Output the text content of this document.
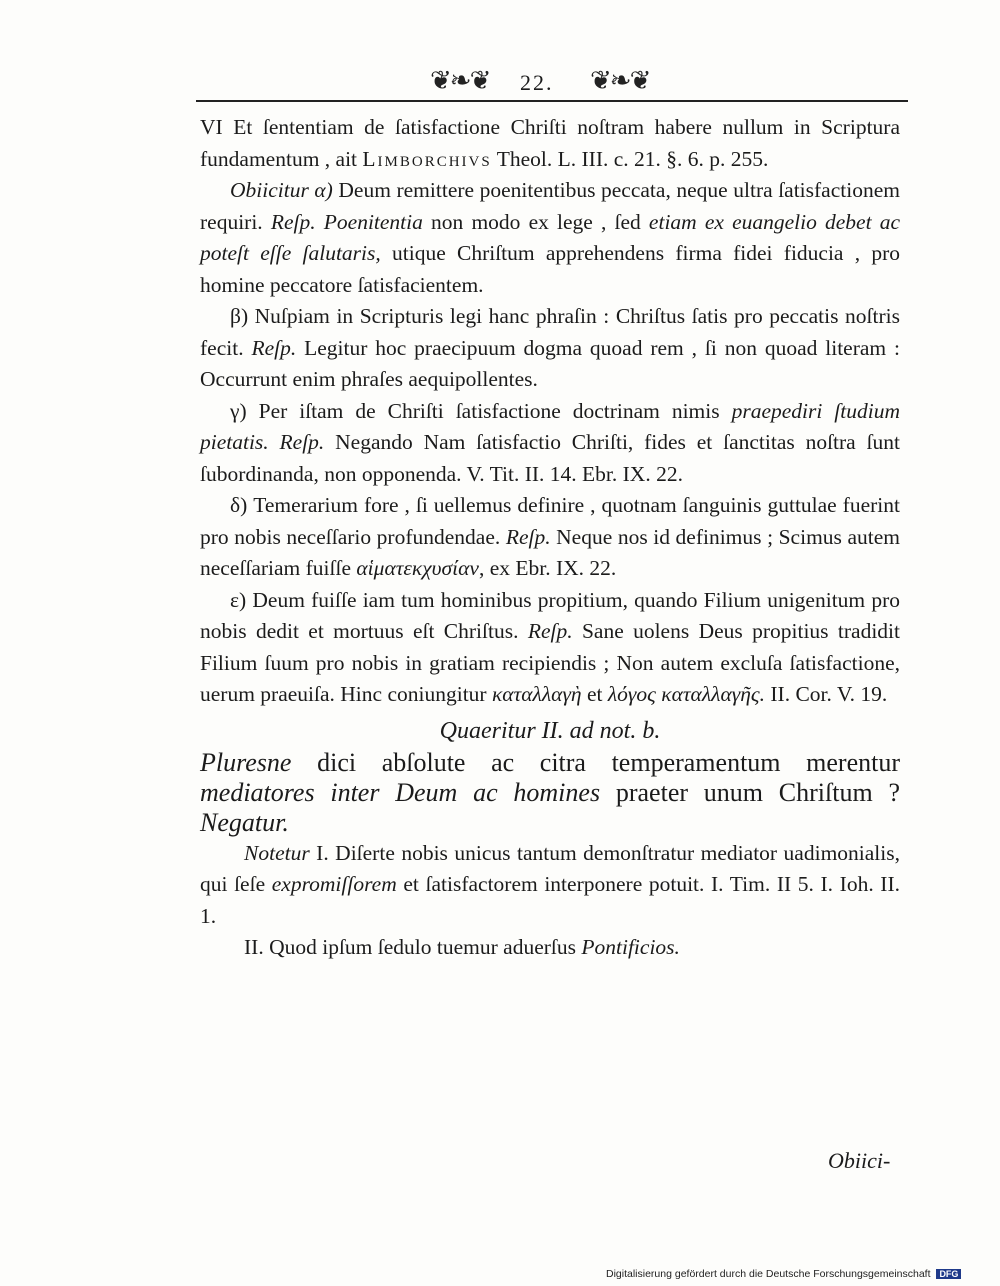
❦❧❦ 22. ❦❧❦

VI Et ſententiam de ſatisfactione Chriſti noſtram habere nullum in Scriptura fundamentum , ait Limborchivs Theol. L. III. c. 21. §. 6. p. 255.

Obiicitur α) Deum remittere poenitentibus peccata, neque ultra ſatisfactionem requiri. Reſp. Poenitentia non modo ex lege , ſed etiam ex euangelio debet ac poteſt eſſe ſalutaris, utique Chriſtum apprehendens firma fidei fiducia , pro homine peccatore ſatisfacientem.

β) Nuſpiam in Scripturis legi hanc phraſin : Chriſtus ſatis pro peccatis noſtris fecit. Reſp. Legitur hoc praecipuum dogma quoad rem , ſi non quoad literam : Occurrunt enim phraſes aequipollentes.

γ) Per iſtam de Chriſti ſatisfactione doctrinam nimis praepediri ſtudium pietatis. Reſp. Negando Nam ſatisfactio Chriſti, fides et ſanctitas noſtra ſunt ſubordinanda, non opponenda. V. Tit. II. 14. Ebr. IX. 22.

δ) Temerarium fore , ſi uellemus definire , quotnam ſanguinis guttulae fuerint pro nobis neceſſario profundendae. Reſp. Neque nos id definimus ; Scimus autem neceſſariam fuiſſe αἱματεκχυσίαν, ex Ebr. IX. 22.

ε) Deum fuiſſe iam tum hominibus propitium, quando Filium unigenitum pro nobis dedit et mortuus eſt Chriſtus. Reſp. Sane uolens Deus propitius tradidit Filium ſuum pro nobis in gratiam recipiendis ; Non autem excluſa ſatisfactione, uerum praeuiſa. Hinc coniungitur καταλλαγὴ et λόγος καταλλαγῆς. II. Cor. V. 19.

Quaeritur II. ad not. b.

Pluresne dici abſolute ac citra temperamentum merentur mediatores inter Deum ac homines praeter unum Chriſtum ? Negatur.

Notetur I. Diſerte nobis unicus tantum demonſtratur mediator uadimonialis, qui ſeſe expromiſſorem et ſatisfactorem interponere potuit. I. Tim. II 5. I. Ioh. II. 1.

II. Quod ipſum ſedulo tuemur aduerſus Pontificios.

Obiici-
Digitalisierung gefördert durch die Deutsche Forschungsgemeinschaft DFG
